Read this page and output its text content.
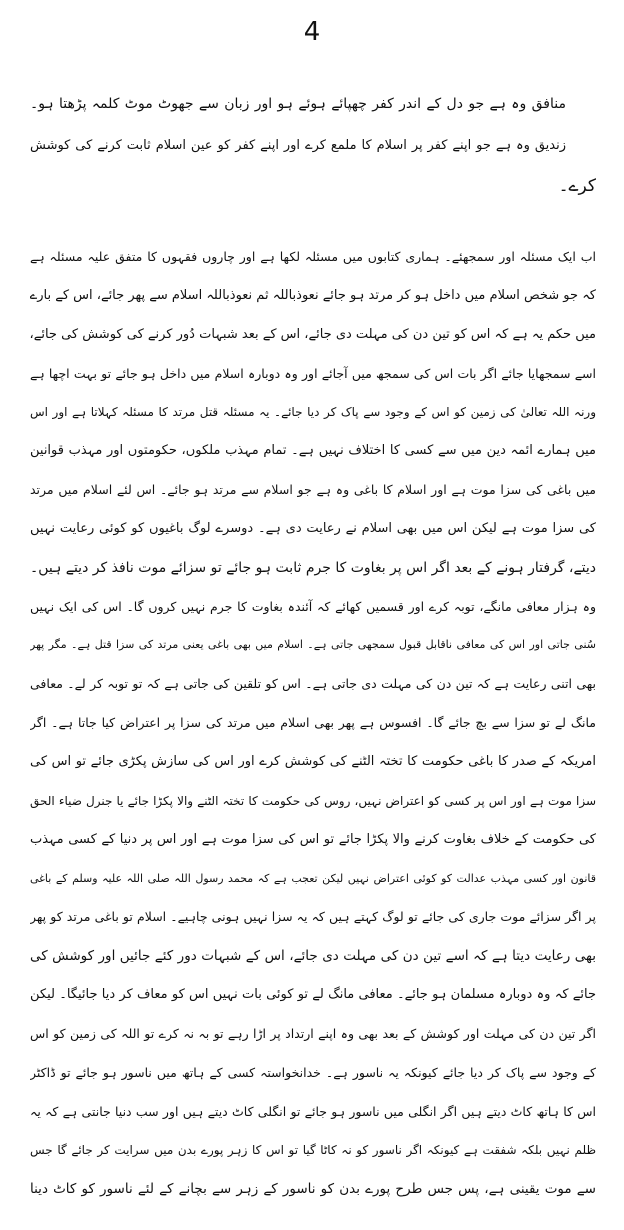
4
منافق وہ ہے جو دل کے اندر کفر چھپائے ہوئے ہو اور زبان سے جھوٹ موٹ کلمہ پڑھتا ہو۔
زندیق وہ ہے جو اپنے کفر پر اسلام کا ملمع کرے اور اپنے کفر کو عین اسلام ثابت کرنے کی کوشش
کرے۔
اب ایک مسئلہ اور سمجھئے۔ ہماری کتابوں میں مسئلہ لکھا ہے اور چاروں فقہوں کا متفق علیہ مسئلہ ہے
کہ جو شخص اسلام میں داخل ہو کر مرتد ہو جائے نعوذباللہ ثم نعوذباللہ اسلام سے پھر جائے، اس کے بارے
میں حکم یہ ہے کہ اس کو تین دن کی مہلت دی جائے، اس کے بعد شبہات دُور کرنے کی کوشش کی جائے،
اسے سمجھایا جائے اگر بات اس کی سمجھ میں آجائے اور وہ دوبارہ اسلام میں داخل ہو جائے تو بہت اچھا ہے
ورنہ اللہ تعالیٰ کی زمین کو اس کے وجود سے پاک کر دیا جائے۔ یہ مسئلہ قتل مرتد کا مسئلہ کہلاتا ہے اور اس
میں ہمارے ائمہ دین میں سے کسی کا اختلاف نہیں ہے۔ تمام مہذب ملکوں، حکومتوں اور مہذب قوانین
میں باغی کی سزا موت ہے اور اسلام کا باغی وہ ہے جو اسلام سے مرتد ہو جائے۔ اس لئے اسلام میں مرتد
کی سزا موت ہے لیکن اس میں بھی اسلام نے رعایت دی ہے۔ دوسرے لوگ باغیوں کو کوئی رعایت نہیں
دیتے، گرفتار ہونے کے بعد اگر اس پر بغاوت کا جرم ثابت ہو جائے تو سزائے موت نافذ کر دیتے ہیں۔
وہ ہزار معافی مانگے، توبہ کرے اور قسمیں کھائے کہ آئندہ بغاوت کا جرم نہیں کروں گا۔ اس کی ایک نہیں
سُنی جاتی اور اس کی معافی ناقابل قبول سمجھی جاتی ہے۔ اسلام میں بھی باغی یعنی مرتد کی سزا قتل ہے۔ مگر پھر
بھی اتنی رعایت ہے کہ تین دن کی مہلت دی جاتی ہے۔ اس کو تلقین کی جاتی ہے کہ تو توبہ کر لے۔ معافی
مانگ لے تو سزا سے بچ جائے گا۔ افسوس ہے پھر بھی اسلام میں مرتد کی سزا پر اعتراض کیا جاتا ہے۔ اگر
امریکہ کے صدر کا باغی حکومت کا تختہ الٹنے کی کوشش کرے اور اس کی سازش پکڑی جائے تو اس کی
سزا موت ہے اور اس پر کسی کو اعتراض نہیں، روس کی حکومت کا تختہ الٹنے والا پکڑا جائے یا جنرل ضیاء الحق
کی حکومت کے خلاف بغاوت کرنے والا پکڑا جائے تو اس کی سزا موت ہے اور اس پر دنیا کے کسی مہذب
قانون اور کسی مہذب عدالت کو کوئی اعتراض نہیں لیکن تعجب ہے کہ محمد رسول اللہ صلی اللہ علیہ وسلم کے باغی
پر اگر سزائے موت جاری کی جائے تو لوگ کہتے ہیں کہ یہ سزا نہیں ہونی چاہیے۔ اسلام تو باغی مرتد کو پھر
بھی رعایت دیتا ہے کہ اسے تین دن کی مہلت دی جائے، اس کے شبہات دور کئے جائیں اور کوشش کی
جائے کہ وہ دوبارہ مسلمان ہو جائے۔ معافی مانگ لے تو کوئی بات نہیں اس کو معاف کر دیا جائیگا۔ لیکن
اگر تین دن کی مہلت اور کوشش کے بعد بھی وہ اپنے ارتداد پر اڑا رہے تو بہ نہ کرے تو اللہ کی زمین کو اس
کے وجود سے پاک کر دیا جائے کیونکہ یہ ناسور ہے۔ خدانخواستہ کسی کے ہاتھ میں ناسور ہو جائے تو ڈاکٹر
اس کا ہاتھ کاٹ دیتے ہیں اگر انگلی میں ناسور ہو جائے تو انگلی کاٹ دیتے ہیں اور سب دنیا جانتی ہے کہ یہ
ظلم نہیں بلکہ شفقت ہے کیونکہ اگر ناسور کو نہ کاٹا گیا تو اس کا زہر پورے بدن میں سرایت کر جائے گا جس
سے موت یقینی ہے، پس جس طرح پورے بدن کو ناسور کے زہر سے بچانے کے لئے ناسور کو کاٹ دینا
